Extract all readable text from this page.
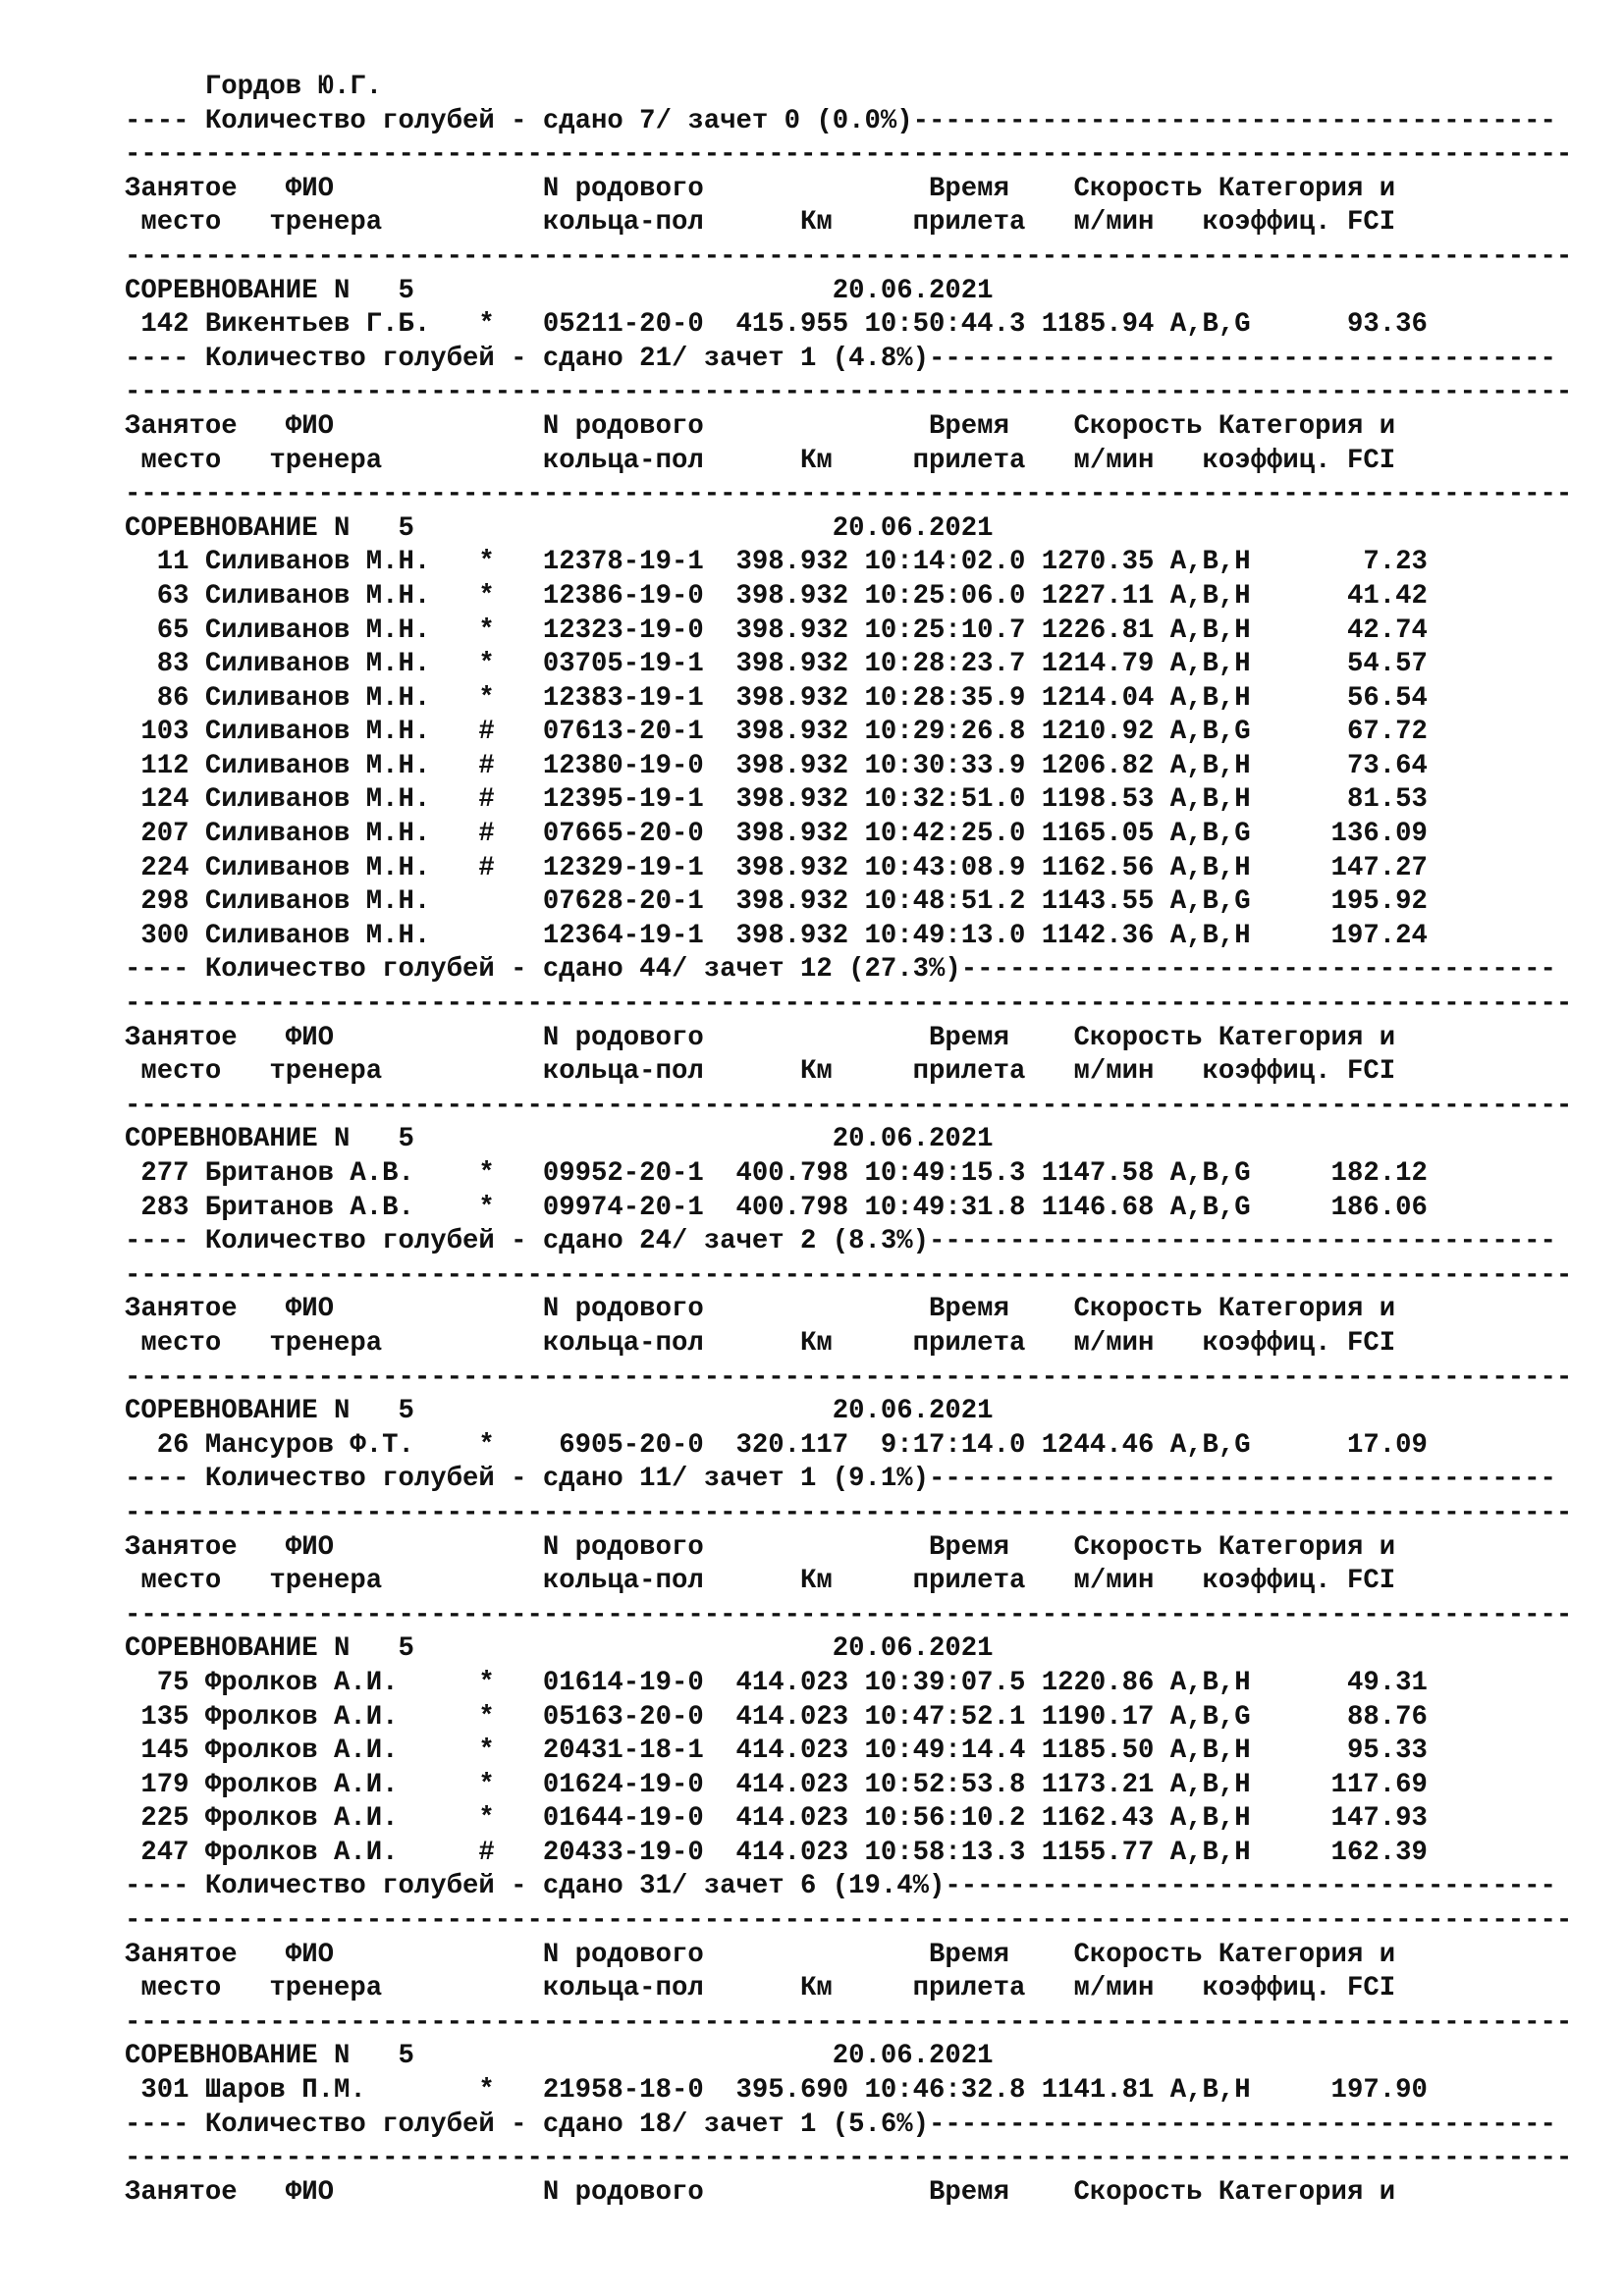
Гордов Ю.Г.
---- Количество голубей - сдано 7/ зачет 0 (0.0%)----------------------------------------
------------------------------------------------------------------------------------------
Занятое   ФИО             N родового              Время    Скорость Категория и
место   тренера          кольца-пол      Км     прилета   м/мин   коэффиц. FCI
------------------------------------------------------------------------------------------
СОРЕВНОВАНИЕ N   5                          20.06.2021
142 Викентьев Г.Б.   *   05211-20-0  415.955 10:50:44.3 1185.94 A,B,G      93.36
---- Количество голубей - сдано 21/ зачет 1 (4.8%)---------------------------------------
------------------------------------------------------------------------------------------
Занятое   ФИО             N родового              Время    Скорость Категория и
место   тренера          кольца-пол      Км     прилета   м/мин   коэффиц. FCI
------------------------------------------------------------------------------------------
СОРЕВНОВАНИЕ N   5                          20.06.2021
11 Силиванов М.Н.   *   12378-19-1  398.932 10:14:02.0 1270.35 A,B,H       7.23
63 Силиванов М.Н.   *   12386-19-0  398.932 10:25:06.0 1227.11 A,B,H      41.42
65 Силиванов М.Н.   *   12323-19-0  398.932 10:25:10.7 1226.81 A,B,H      42.74
83 Силиванов М.Н.   *   03705-19-1  398.932 10:28:23.7 1214.79 A,B,H      54.57
86 Силиванов М.Н.   *   12383-19-1  398.932 10:28:35.9 1214.04 A,B,H      56.54
103 Силиванов М.Н.   #   07613-20-1  398.932 10:29:26.8 1210.92 A,B,G      67.72
112 Силиванов М.Н.   #   12380-19-0  398.932 10:30:33.9 1206.82 A,B,H      73.64
124 Силиванов М.Н.   #   12395-19-1  398.932 10:32:51.0 1198.53 A,B,H      81.53
207 Силиванов М.Н.   #   07665-20-0  398.932 10:42:25.0 1165.05 A,B,G     136.09
224 Силиванов М.Н.   #   12329-19-1  398.932 10:43:08.9 1162.56 A,B,H     147.27
298 Силиванов М.Н.       07628-20-1  398.932 10:48:51.2 1143.55 A,B,G     195.92
300 Силиванов М.Н.       12364-19-1  398.932 10:49:13.0 1142.36 A,B,H     197.24
---- Количество голубей - сдано 44/ зачет 12 (27.3%)-------------------------------------
------------------------------------------------------------------------------------------
Занятое   ФИО             N родового              Время    Скорость Категория и
место   тренера          кольца-пол      Км     прилета   м/мин   коэффиц. FCI
------------------------------------------------------------------------------------------
СОРЕВНОВАНИЕ N   5                          20.06.2021
277 Британов А.В.    *   09952-20-1  400.798 10:49:15.3 1147.58 A,B,G     182.12
283 Британов А.В.    *   09974-20-1  400.798 10:49:31.8 1146.68 A,B,G     186.06
---- Количество голубей - сдано 24/ зачет 2 (8.3%)---------------------------------------
------------------------------------------------------------------------------------------
Занятое   ФИО             N родового              Время    Скорость Категория и
место   тренера          кольца-пол      Км     прилета   м/мин   коэффиц. FCI
------------------------------------------------------------------------------------------
СОРЕВНОВАНИЕ N   5                          20.06.2021
26 Мансуров Ф.Т.    *    6905-20-0  320.117  9:17:14.0 1244.46 A,B,G      17.09
---- Количество голубей - сдано 11/ зачет 1 (9.1%)---------------------------------------
------------------------------------------------------------------------------------------
Занятое   ФИО             N родового              Время    Скорость Категория и
место   тренера          кольца-пол      Км     прилета   м/мин   коэффиц. FCI
------------------------------------------------------------------------------------------
СОРЕВНОВАНИЕ N   5                          20.06.2021
75 Фролков А.И.     *   01614-19-0  414.023 10:39:07.5 1220.86 A,B,H      49.31
135 Фролков А.И.     *   05163-20-0  414.023 10:47:52.1 1190.17 A,B,G      88.76
145 Фролков А.И.     *   20431-18-1  414.023 10:49:14.4 1185.50 A,B,H      95.33
179 Фролков А.И.     *   01624-19-0  414.023 10:52:53.8 1173.21 A,B,H     117.69
225 Фролков А.И.     *   01644-19-0  414.023 10:56:10.2 1162.43 A,B,H     147.93
247 Фролков А.И.     #   20433-19-0  414.023 10:58:13.3 1155.77 A,B,H     162.39
---- Количество голубей - сдано 31/ зачет 6 (19.4%)--------------------------------------
------------------------------------------------------------------------------------------
Занятое   ФИО             N родового              Время    Скорость Категория и
место   тренера          кольца-пол      Км     прилета   м/мин   коэффиц. FCI
------------------------------------------------------------------------------------------
СОРЕВНОВАНИЕ N   5                          20.06.2021
301 Шаров П.М.       *   21958-18-0  395.690 10:46:32.8 1141.81 A,B,H     197.90
---- Количество голубей - сдано 18/ зачет 1 (5.6%)---------------------------------------
------------------------------------------------------------------------------------------
Занятое   ФИО             N родового              Время    Скорость Категория и
